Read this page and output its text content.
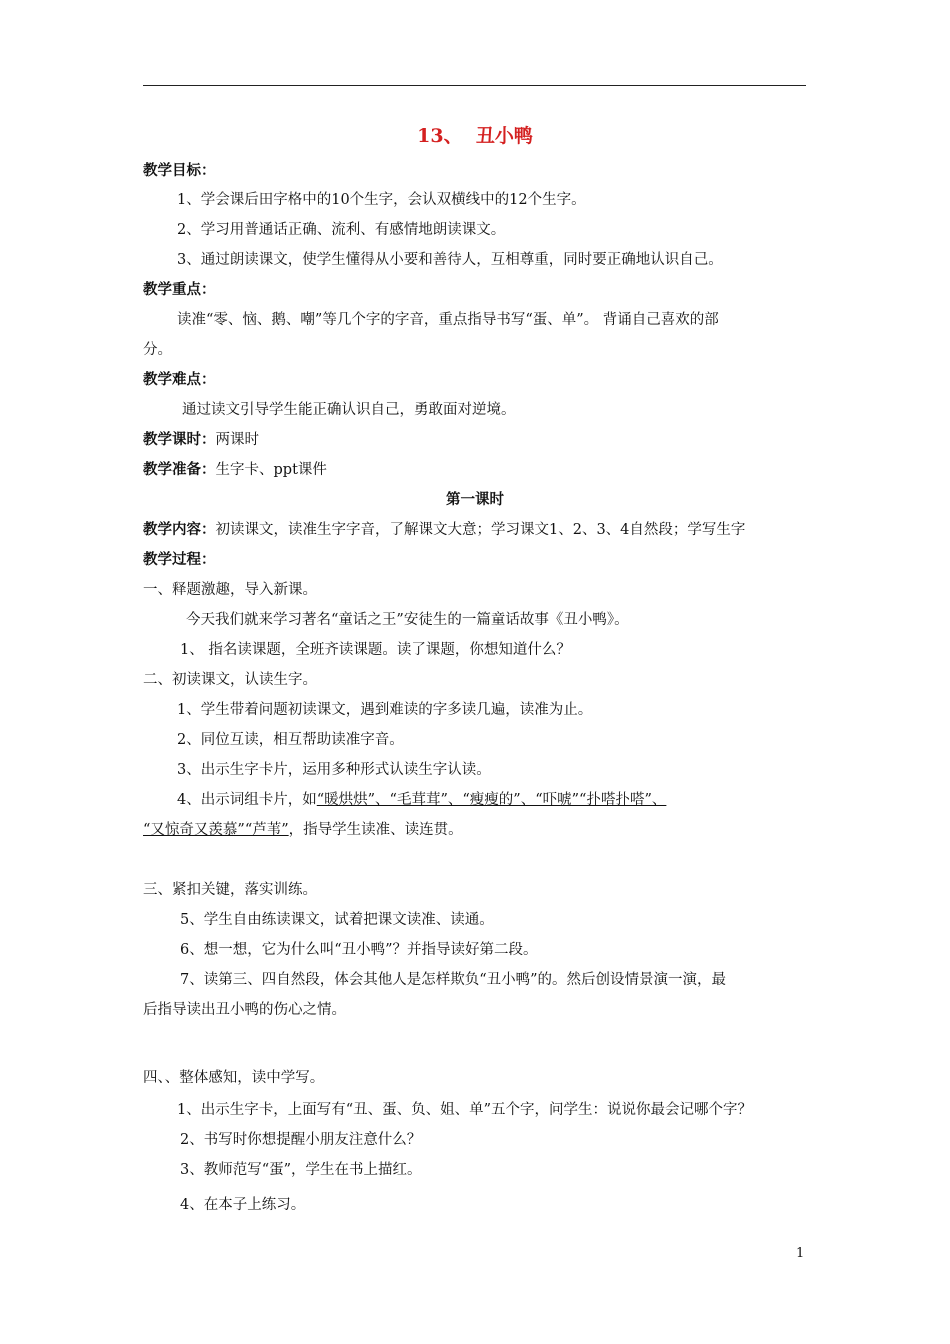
13、  丑小鸭
教学目标：
1、学会课后田字格中的10个生字，会认双横线中的12个生字。
2、学习用普通话正确、流利、有感情地朗读课文。
3、通过朗读课文，使学生懂得从小要和善待人，互相尊重，同时要正确地认识自己。
教学重点：
读准“零、恼、鹅、嘲”等几个字的字音，重点指导书写“蛋、单”。 背诵自己喜欢的部
分。
教学难点：
通过读文引导学生能正确认识自己，勇敢面对逆境。
教学课时：两课时
教学准备：生字卡、ppt课件
第一课时
教学内容：初读课文，读准生字字音，了解课文大意；学习课文1、2、3、4自然段；学写生字
教学过程：
一、释题激趣，导入新课。
今天我们就来学习著名“童话之王”安徒生的一篇童话故事《丑小鸭》。
1、 指名读课题，全班齐读课题。读了课题，你想知道什么？
二、初读课文，认读生字。
1、学生带着问题初读课文，遇到难读的字多读几遍，读准为止。
2、同位互读，相互帮助读准字音。
3、出示生字卡片，运用多种形式认读生字认读。
4、出示词组卡片，如“暖烘烘”、“毛茸茸”、“瘦瘦的”、“吓唬”“扑嗒扑嗒”、
“又惊奇又羡慕”“芦苇”，指导学生读准、读连贯。
三、紧扣关键，落实训练。
5、学生自由练读课文，试着把课文读准、读通。
6、想一想，它为什么叫“丑小鸭”？并指导读好第二段。
7、读第三、四自然段，体会其他人是怎样欺负“丑小鸭”的。然后创设情景演一演，最
后指导读出丑小鸭的伤心之情。
四、、整体感知，读中学写。
1、出示生字卡，上面写有“丑、蛋、负、姐、单”五个字，问学生：说说你最会记哪个字？
2、书写时你想提醒小朋友注意什么？
3、教师范写“蛋”，学生在书上描红。
4、在本子上练习。
1
